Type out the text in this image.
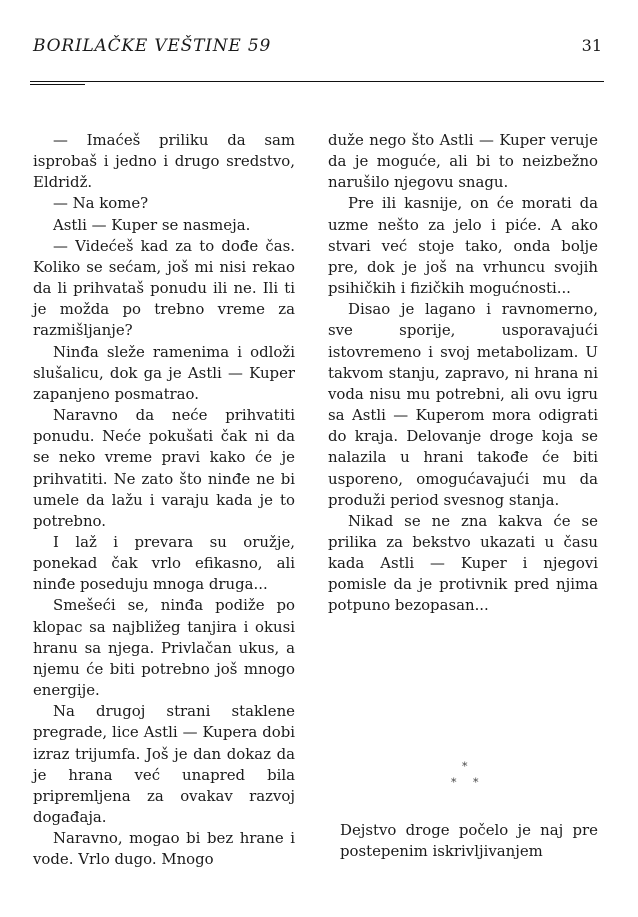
BORILAČKE VEŠTINE 59	31

— Imaćeš priliku da sam isprobaš i jedno i drugo sredstvo, Eldridž.

— Na kome?

Astli — Kuper se nasmeja.

— Videćeš kad za to dođe čas. Koliko se sećam, još mi nisi rekao da li prihvataš ponudu ili ne. Ili ti je možda po trebno vreme za razmišljanje?

Ninđa sleže ramenima i odloži slušalicu, dok ga je Astli — Kuper zapanjeno posmatrao.

Naravno da neće prihvatiti ponudu. Neće pokušati čak ni da se neko vreme pravi kako će je prihvatiti. Ne zato što ninđe ne bi umele da lažu i varaju kada je to potrebno.

I laž i prevara su oružje, ponekad čak vrlo efikasno, ali ninđe poseduju mnoga druga...

Smešeći se, ninđa podiže po klopac sa najbližeg tanjira i okusi hranu sa njega. Privlačan ukus, a njemu će biti potrebno još mnogo energije.

Na drugoj strani staklene pregrade, lice Astli — Kupera dobi izraz trijumfa. Još je dan dokaz da je hrana već unapred bila pripremljena za ovakav razvoj događaja.

Naravno, mogao bi bez hrane i vode. Vrlo dugo. Mnogo

duže nego što Astli — Kuper veruje da je moguće, ali bi to neizbežno narušilo njegovu snagu.

Pre ili kasnije, on će morati da uzme nešto za jelo i piće. A ako stvari već stoje tako, onda bolje pre, dok je još na vrhuncu svojih psihičkih i fizičkih mogućnosti...

Disao je lagano i ravnomerno, sve sporije, usporavajući istovremeno i svoj metabolizam. U takvom stanju, zapravo, ni hrana ni voda nisu mu potrebni, ali ovu igru sa Astli — Kuperom mora odigrati do kraja. Delovanje droge koja se nalazila u hrani takođe će biti usporeno, omogućavajući mu da produži period svesnog stanja.

Nikad se ne zna kakva će se prilika za bekstvo ukazati u času kada Astli — Kuper i njegovi pomisle da je protivnik pred njima potpuno bezopasan...

*
* *

Dejstvo droge počelo je naj pre postepenim iskrivljivanjem
